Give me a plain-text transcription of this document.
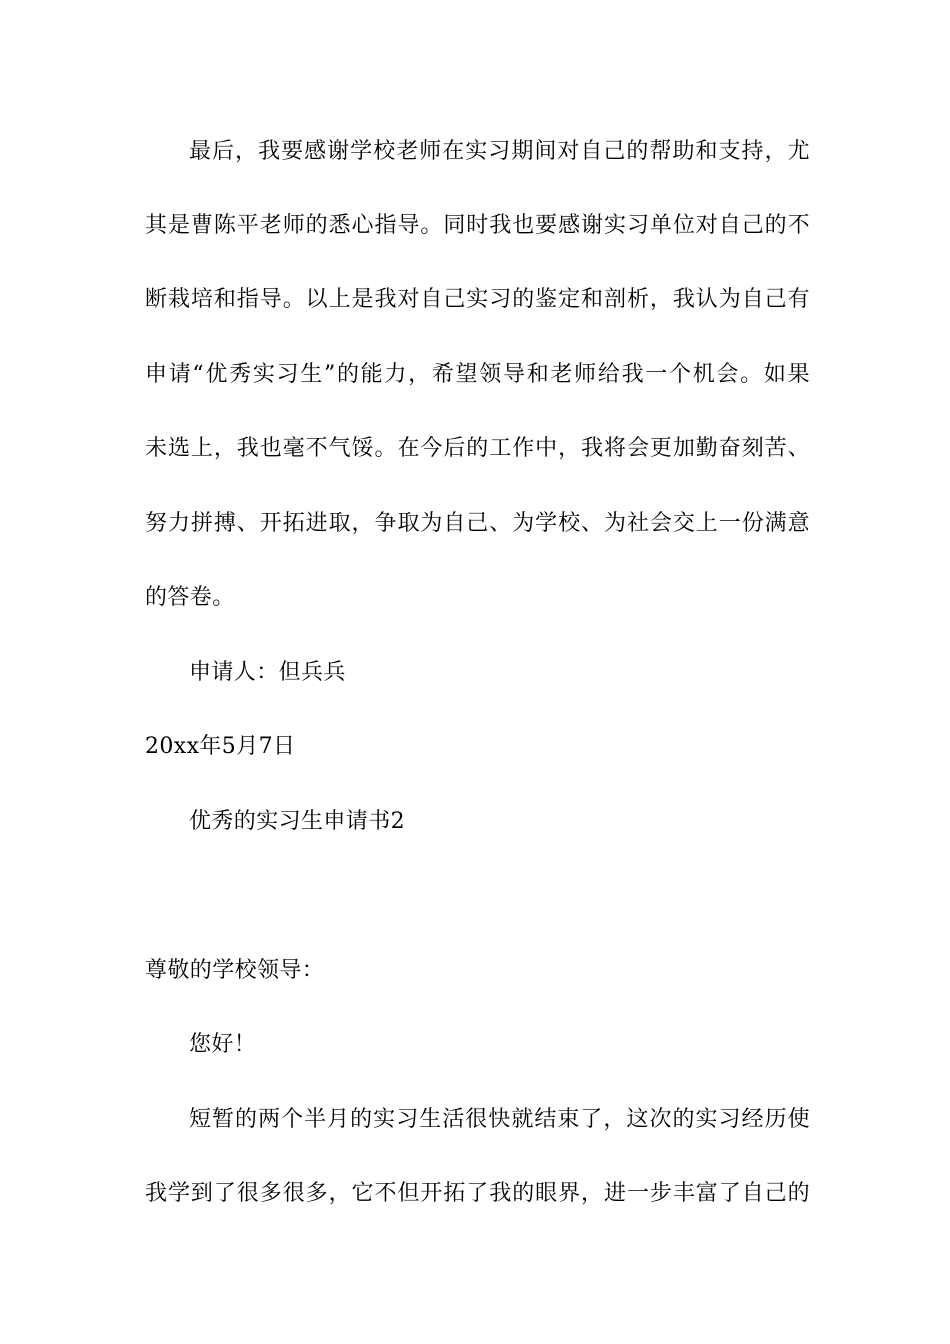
最后，我要感谢学校老师在实习期间对自己的帮助和支持，尤
其是曹陈平老师的悉心指导。同时我也要感谢实习单位对自己的不
断栽培和指导。以上是我对自己实习的鉴定和剖析，我认为自己有
申请“优秀实习生”的能力，希望领导和老师给我一个机会。如果
未选上，我也毫不气馁。在今后的工作中，我将会更加勤奋刻苦、
努力拼搏、开拓进取，争取为自己、为学校、为社会交上一份满意
的答卷。
申请人：但兵兵
20xx年5月7日
优秀的实习生申请书2
尊敬的学校领导：
您好！
短暂的两个半月的实习生活很快就结束了，这次的实习经历使
我学到了很多很多，它不但开拓了我的眼界，进一步丰富了自己的
